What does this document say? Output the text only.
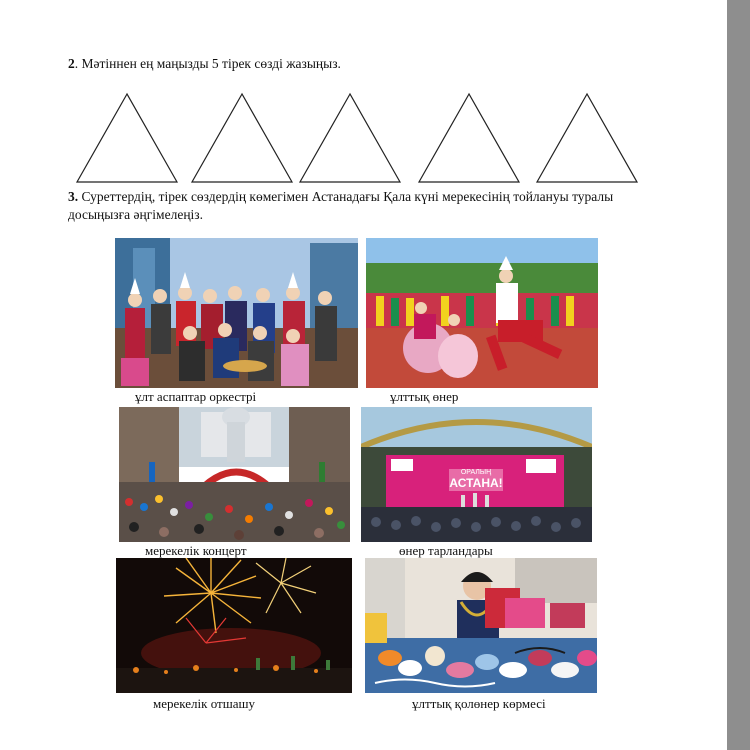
2. Мәтіннен ең маңызды 5 тірек сөзді жазыңыз.
3. Суреттердің, тірек сөздердің көмегімен Астанадағы Қала күні мерекесінің тойлануы туралы досыңызға әңгімелеңіз.
ұлт аспаптар оркестрі	ұлттық өнер
мерекелік концерт
ОРАЛЫҢ
АСТАНА!
өнер тарландары
мерекелік отшашу	ұлттық қолөнер көрмесі
